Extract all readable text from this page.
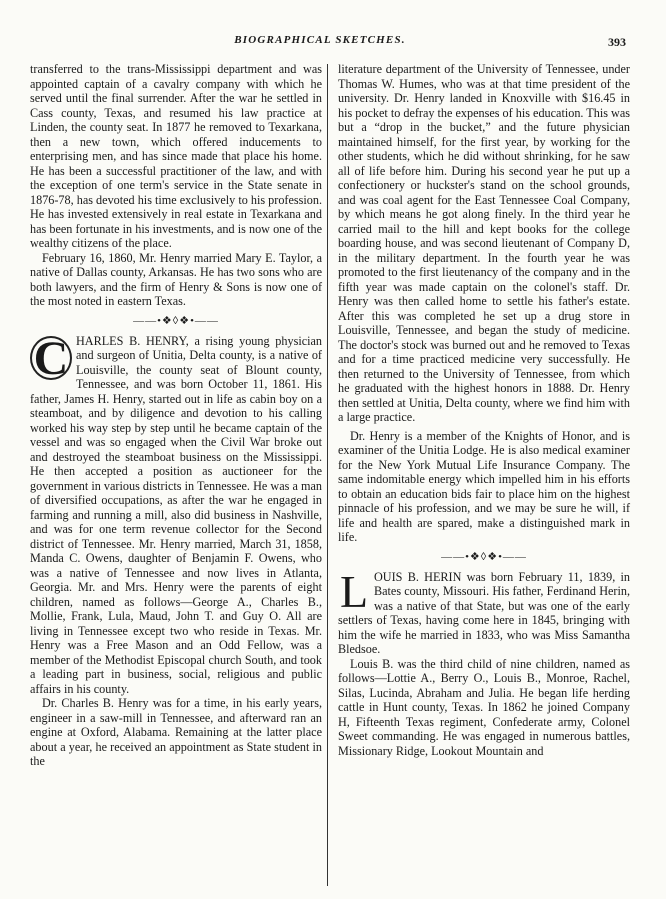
BIOGRAPHICAL SKETCHES.	393

transferred to the trans-Mississippi department and was appointed captain of a cavalry company with which he served until the final surrender. After the war he settled in Cass county, Texas, and resumed his law practice at Linden, the county seat. In 1877 he removed to Texarkana, then a new town, which offered inducements to enterprising men, and has since made that place his home. He has been a successful practitioner of the law, and with the exception of one term's service in the State senate in 1876-78, has devoted his time exclusively to his profession. He has invested extensively in real estate in Texarkana and has been fortunate in his investments, and is now one of the wealthy citizens of the place.

February 16, 1860, Mr. Henry married Mary E. Taylor, a native of Dallas county, Arkansas. He has two sons who are both lawyers, and the firm of Henry & Sons is now one of the most noted in eastern Texas.

——•❖◊❖•——
C HARLES B. HENRY, a rising young physician and surgeon of Unitia, Delta county, is a native of Louisville, the county seat of Blount county, Tennessee, and was born October 11, 1861. His father, James H. Henry, started out in life as cabin boy on a steamboat, and by diligence and devotion to his calling worked his way step by step until he became captain of the vessel and was so engaged when the Civil War broke out and destroyed the steamboat business on the Mississippi. He then accepted a position as auctioneer for the government in various districts in Tennessee. He was a man of diversified occupations, as after the war he engaged in farming and running a mill, also did business in Nashville, and was for one term revenue collector for the Second district of Tennessee. Mr. Henry married, March 31, 1858, Manda C. Owens, daughter of Benjamin F. Owens, who was a native of Tennessee and now lives in Atlanta, Georgia. Mr. and Mrs. Henry were the parents of eight children, named as follows—George A., Charles B., Mollie, Frank, Lula, Maud, John T. and Guy O. All are living in Tennessee except two who reside in Texas. Mr. Henry was a Free Mason and an Odd Fellow, was a member of the Methodist Episcopal church South, and took a leading part in business, social, religious and public affairs in his county.

Dr. Charles B. Henry was for a time, in his early years, engineer in a saw-mill in Tennessee, and afterward ran an engine at Oxford, Alabama. Remaining at the latter place about a year, he received an appointment as State student in the

literature department of the University of Tennessee, under Thomas W. Humes, who was at that time president of the university. Dr. Henry landed in Knoxville with $16.45 in his pocket to defray the expenses of his education. This was but a “drop in the bucket,” and the future physician maintained himself, for the first year, by working for the other students, which he did without shrinking, for he saw all of life before him. During his second year he put up a confectionery or huckster's stand on the school grounds, and was coal agent for the East Tennessee Coal Company, by which means he got along finely. In the third year he carried mail to the hill and kept books for the college boarding house, and was second lieutenant of Company D, in the military department. In the fourth year he was promoted to the first lieutenancy of the company and in the fifth year was made captain on the colonel's staff. Dr. Henry was then called home to settle his father's estate. After this was completed he set up a drug store in Louisville, Tennessee, and began the study of medicine. The doctor's stock was burned out and he removed to Texas and for a time practiced medicine very successfully. He then returned to the University of Tennessee, from which he graduated with the highest honors in 1888. Dr. Henry then settled at Unitia, Delta county, where we find him with a large practice.

Dr. Henry is a member of the Knights of Honor, and is examiner of the Unitia Lodge. He is also medical examiner for the New York Mutual Life Insurance Company. The same indomitable energy which impelled him in his efforts to obtain an education bids fair to place him on the highest pinnacle of his profession, and we may be sure he will, if life and health are spared, make a distinguished mark in life.

——•❖◊❖•——
L OUIS B. HERIN was born February 11, 1839, in Bates county, Missouri. His father, Ferdinand Herin, was a native of that State, but was one of the early settlers of Texas, having come here in 1845, bringing with him the wife he married in 1833, who was Miss Samantha Bledsoe.

Louis B. was the third child of nine children, named as follows—Lottie A., Berry O., Louis B., Monroe, Rachel, Silas, Lucinda, Abraham and Julia. He began life herding cattle in Hunt county, Texas. In 1862 he joined Company H, Fifteenth Texas regiment, Confederate army, Colonel Sweet commanding. He was engaged in numerous battles, Missionary Ridge, Lookout Mountain and
